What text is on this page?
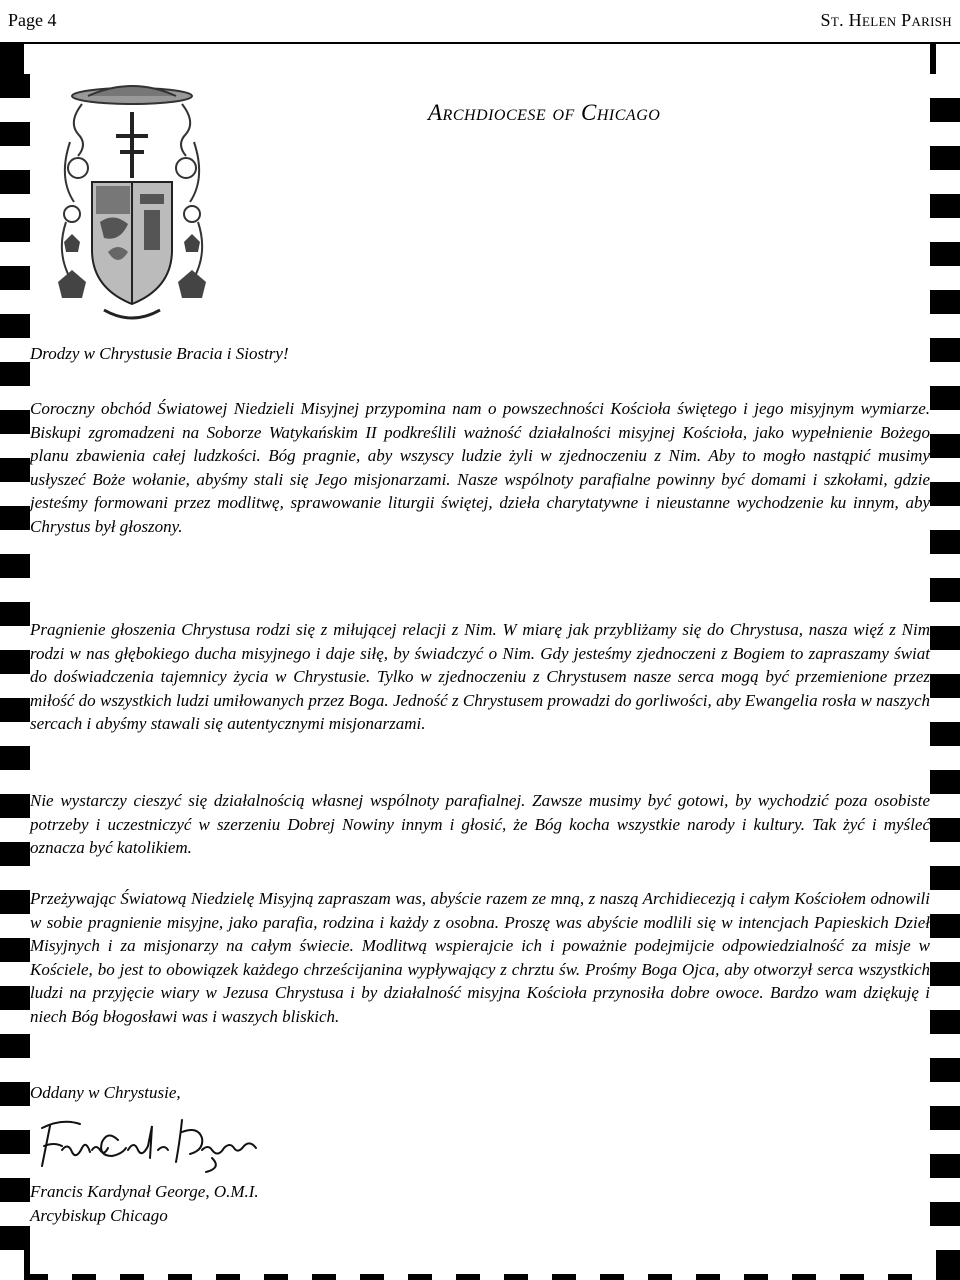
Page 4	St. Helen Parish
Archdiocese of Chicago

Drodzy w Chrystusie Bracia i Siostry!

Coroczny obchód Światowej Niedzieli Misyjnej przypomina nam o powszechności Kościoła świętego i jego misyjnym wymiarze. Biskupi zgromadzeni na Soborze Watykańskim II podkreślili ważność działalności misyjnej Kościoła, jako wypełnienie Bożego planu zbawienia całej ludzkości. Bóg pragnie, aby wszyscy ludzie żyli w zjednoczeniu z Nim. Aby to mogło nastąpić musimy usłyszeć Boże wołanie, abyśmy stali się Jego misjonarzami. Nasze wspólnoty parafialne powinny być domami i szkołami, gdzie jesteśmy formowani przez modlitwę, sprawowanie liturgii świętej, dzieła charytatywne i nieustanne wychodzenie ku innym, aby Chrystus był głoszony.

Pragnienie głoszenia Chrystusa rodzi się z miłującej relacji z Nim. W miarę jak przybliżamy się do Chrystusa, nasza więź z Nim rodzi w nas głębokiego ducha misyjnego i daje siłę, by świadczyć o Nim. Gdy jesteśmy zjednoczeni z Bogiem to zapraszamy świat do doświadczenia tajemnicy życia w Chrystusie. Tylko w zjednoczeniu z Chrystusem nasze serca mogą być przemienione przez miłość do wszystkich ludzi umiłowanych przez Boga. Jedność z Chrystusem prowadzi do gorliwości, aby Ewangelia rosła w naszych sercach i abyśmy stawali się autentycznymi misjonarzami.

Nie wystarczy cieszyć się działalnością własnej wspólnoty parafialnej. Zawsze musimy być gotowi, by wychodzić poza osobiste potrzeby i uczestniczyć w szerzeniu Dobrej Nowiny innym i głosić, że Bóg kocha wszystkie narody i kultury. Tak żyć i myśleć oznacza być katolikiem.

Przeżywając Światową Niedzielę Misyjną zapraszam was, abyście razem ze mną, z naszą Archidiecezją i całym Kościołem odnowili w sobie pragnienie misyjne, jako parafia, rodzina i każdy z osobna. Proszę was abyście modlili się w intencjach Papieskich Dzieł Misyjnych i za misjonarzy na całym świecie. Modlitwą wspierajcie ich i poważnie podejmijcie odpowiedzialność za misje w Kościele, bo jest to obowiązek każdego chrześcijanina wypływający z chrztu św. Prośmy Boga Ojca, aby otworzył serca wszystkich ludzi na przyjęcie wiary w Jezusa Chrystusa i by działalność misyjna Kościoła przynosiła dobre owoce. Bardzo wam dziękuję i niech Bóg błogosławi was i waszych bliskich.

Oddany w Chrystusie,

Francis Kardynał George, O.M.I.

Arcybiskup Chicago
